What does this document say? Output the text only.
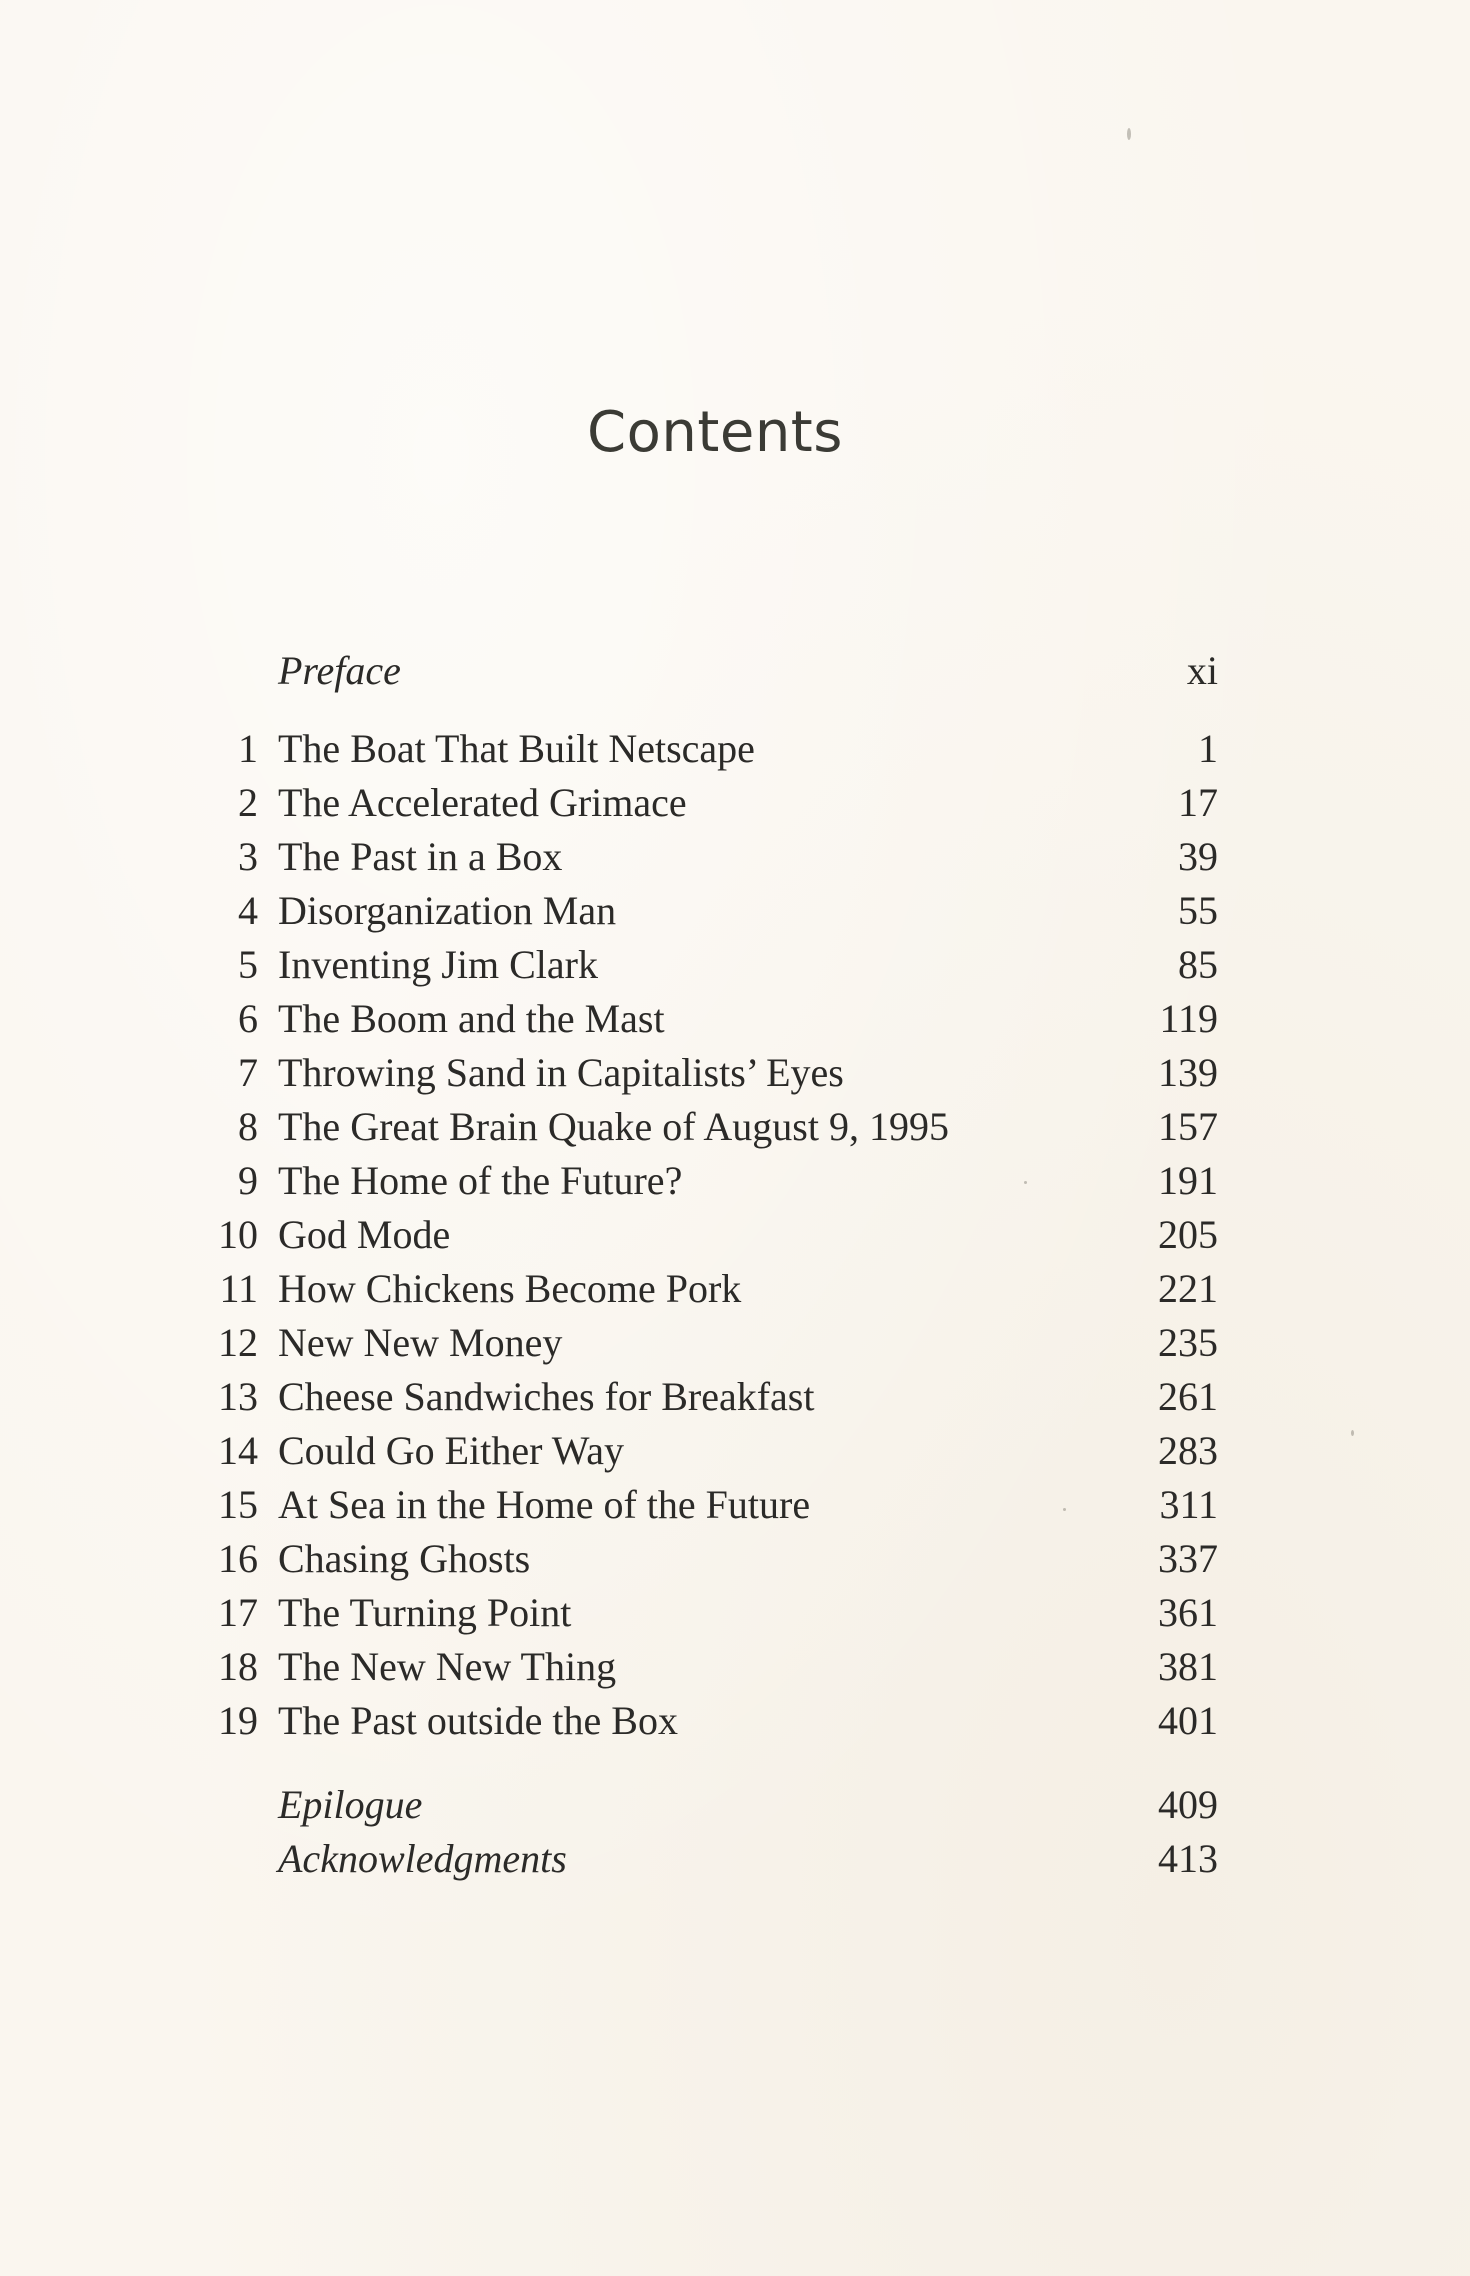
Contents
Preface	xi
1 The Boat That Built Netscape	1
2 The Accelerated Grimace	17
3 The Past in a Box	39
4 Disorganization Man	55
5 Inventing Jim Clark	85
6 The Boom and the Mast	119
7 Throwing Sand in Capitalists’ Eyes	139
8 The Great Brain Quake of August 9, 1995	157
9 The Home of the Future?	191
10 God Mode	205
11 How Chickens Become Pork	221
12 New New Money	235
13 Cheese Sandwiches for Breakfast	261
14 Could Go Either Way	283
15 At Sea in the Home of the Future	311
16 Chasing Ghosts	337
17 The Turning Point	361
18 The New New Thing	381
19 The Past outside the Box	401
Epilogue	409
Acknowledgments	413
